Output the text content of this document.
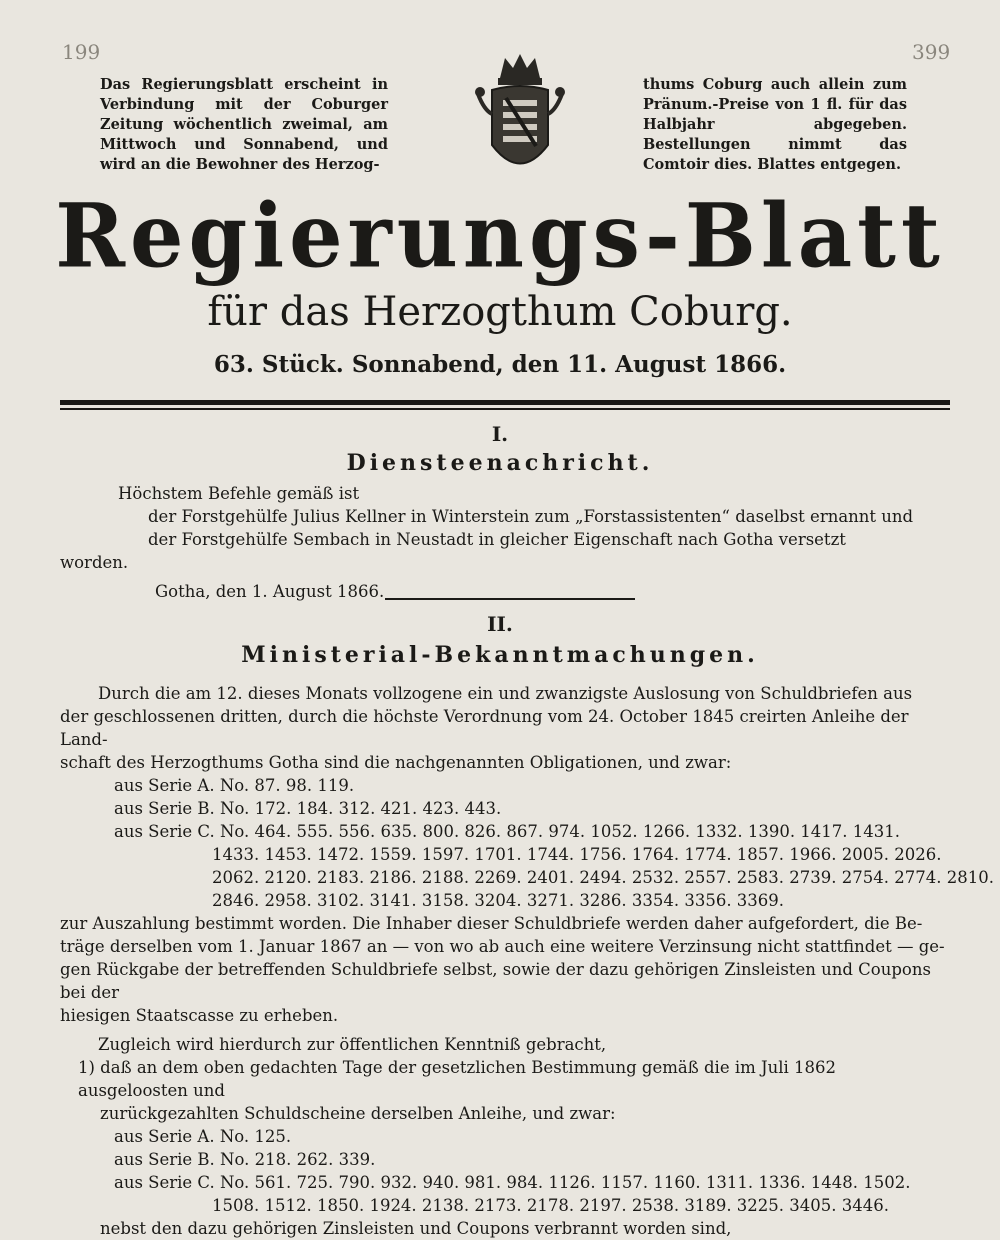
199	399
Das Regierungsblatt erscheint in Verbindung mit der Coburger Zeitung wöchentlich zweimal, am Mittwoch und Sonnabend, und wird an die Bewohner des Herzog-
thums Coburg auch allein zum Pränum.-Preise von 1 fl. für das Halbjahr abgegeben. Bestellungen nimmt das Comtoir dies. Blattes entgegen.
Regierungs-Blatt
für das Herzogthum Coburg.
63. Stück. Sonnabend, den 11. August 1866.
I.
Diensteenachricht.
Höchstem Befehle gemäß ist
der Forstgehülfe Julius Kellner in Winterstein zum „Forstassistenten“ daselbst ernannt und
der Forstgehülfe Sembach in Neustadt in gleicher Eigenschaft nach Gotha versetzt
worden.
Gotha, den 1. August 1866.
II.
Ministerial-Bekanntmachungen.
Durch die am 12. dieses Monats vollzogene ein und zwanzigste Auslosung von Schuldbriefen aus
der geschlossenen dritten, durch die höchste Verordnung vom 24. October 1845 creirten Anleihe der Land-
schaft des Herzogthums Gotha sind die nachgenannten Obligationen, und zwar:
aus Serie A. No. 87. 98. 119.
aus Serie B. No. 172. 184. 312. 421. 423. 443.
aus Serie C. No. 464. 555. 556. 635. 800. 826. 867. 974. 1052. 1266. 1332. 1390. 1417. 1431.
1433. 1453. 1472. 1559. 1597. 1701. 1744. 1756. 1764. 1774. 1857. 1966. 2005. 2026.
2062. 2120. 2183. 2186. 2188. 2269. 2401. 2494. 2532. 2557. 2583. 2739. 2754. 2774. 2810.
2846. 2958. 3102. 3141. 3158. 3204. 3271. 3286. 3354. 3356. 3369.
zur Auszahlung bestimmt worden. Die Inhaber dieser Schuldbriefe werden daher aufgefordert, die Be-
träge derselben vom 1. Januar 1867 an — von wo ab auch eine weitere Verzinsung nicht stattfindet — ge-
gen Rückgabe der betreffenden Schuldbriefe selbst, sowie der dazu gehörigen Zinsleisten und Coupons bei der
hiesigen Staatscasse zu erheben.
Zugleich wird hierdurch zur öffentlichen Kenntniß gebracht,
1) daß an dem oben gedachten Tage der gesetzlichen Bestimmung gemäß die im Juli 1862 ausgeloosten und
zurückgezahlten Schuldscheine derselben Anleihe, und zwar:
aus Serie A. No. 125.
aus Serie B. No. 218. 262. 339.
aus Serie C. No. 561. 725. 790. 932. 940. 981. 984. 1126. 1157. 1160. 1311. 1336. 1448. 1502.
1508. 1512. 1850. 1924. 2138. 2173. 2178. 2197. 2538. 3189. 3225. 3405. 3446.
nebst den dazu gehörigen Zinsleisten und Coupons verbrannt worden sind,
